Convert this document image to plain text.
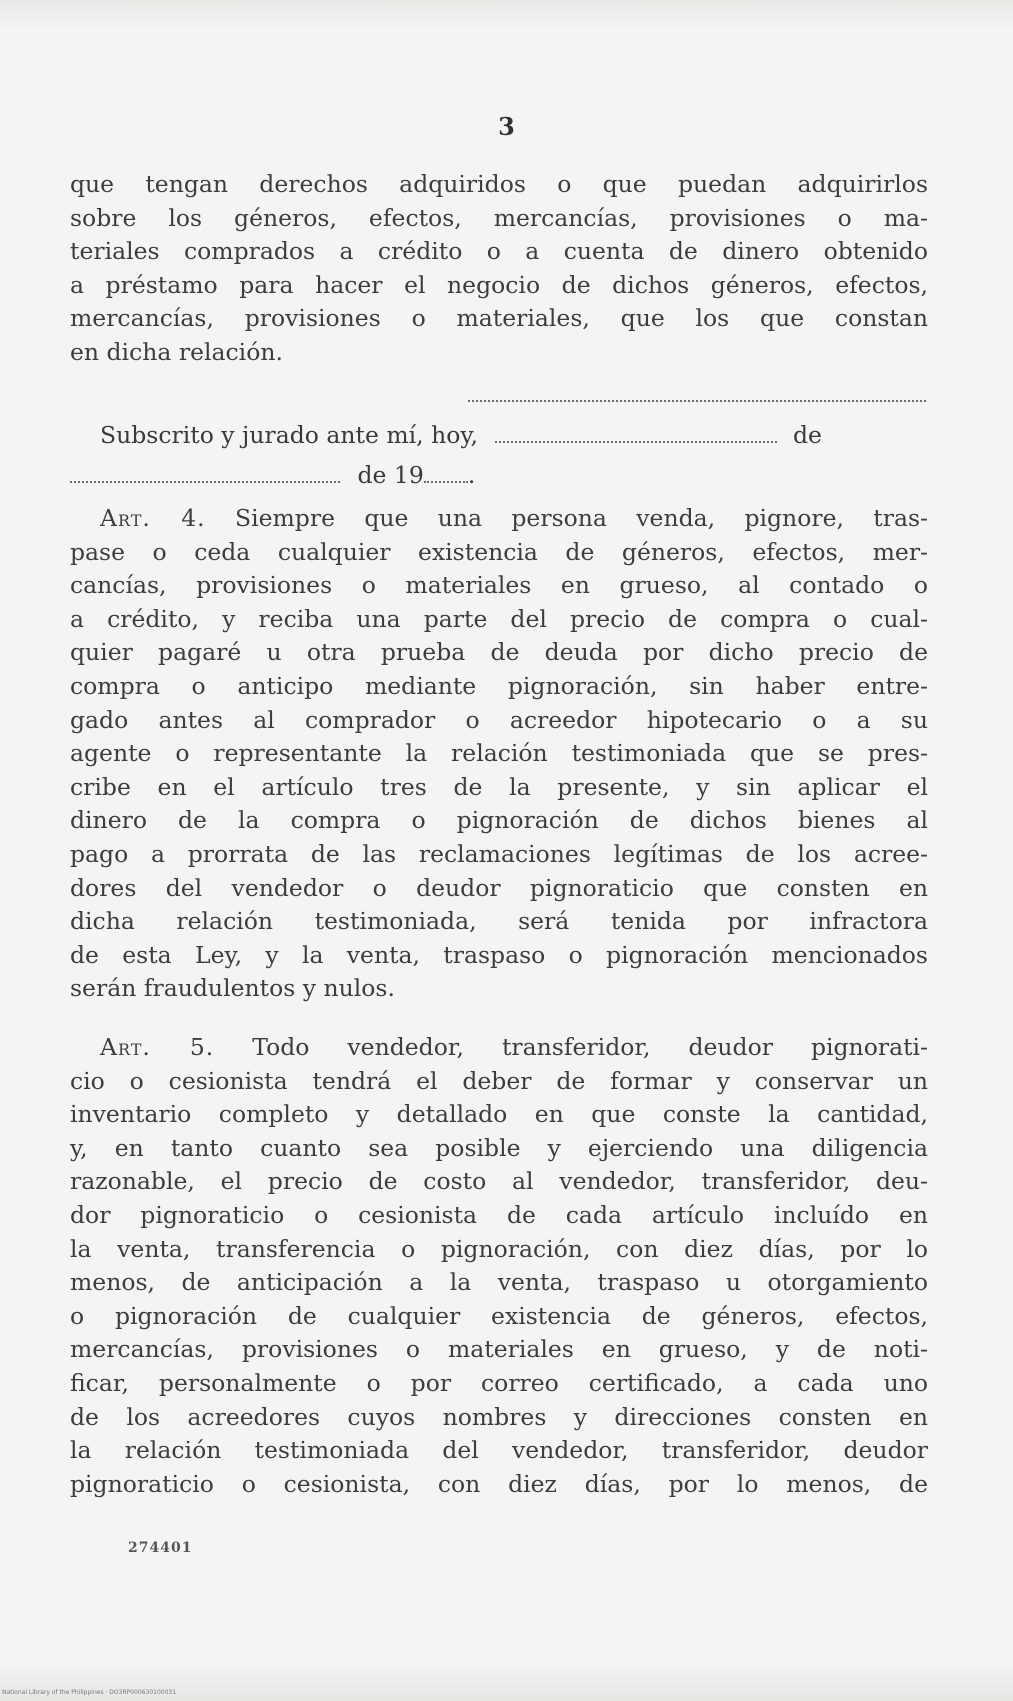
3
que tengan derechos adquiridos o que puedan adquirirlos
sobre los géneros, efectos, mercancías, provisiones o ma-
teriales comprados a crédito o a cuenta de dinero obtenido
a préstamo para hacer el negocio de dichos géneros, efectos,
mercancías, provisiones o materiales, que los que constan
en dicha relación.
Subscrito y jurado ante mí, hoy,	de
de 19 .
Art. 4. Siempre que una persona venda, pignore, tras-
pase o ceda cualquier existencia de géneros, efectos, mer-
cancías, provisiones o materiales en grueso, al contado o
a crédito, y reciba una parte del precio de compra o cual-
quier pagaré u otra prueba de deuda por dicho precio de
compra o anticipo mediante pignoración, sin haber entre-
gado antes al comprador o acreedor hipotecario o a su
agente o representante la relación testimoniada que se pres-
cribe en el artículo tres de la presente, y sin aplicar el
dinero de la compra o pignoración de dichos bienes al
pago a prorrata de las reclamaciones legítimas de los acree-
dores del vendedor o deudor pignoraticio que consten en
dicha relación testimoniada, será tenida por infractora
de esta Ley, y la venta, traspaso o pignoración mencionados
serán fraudulentos y nulos.
Art. 5. Todo vendedor, transferidor, deudor pignorati-
cio o cesionista tendrá el deber de formar y conservar un
inventario completo y detallado en que conste la cantidad,
y, en tanto cuanto sea posible y ejerciendo una diligencia
razonable, el precio de costo al vendedor, transferidor, deu-
dor pignoraticio o cesionista de cada artículo incluído en
la venta, transferencia o pignoración, con diez días, por lo
menos, de anticipación a la venta, traspaso u otorgamiento
o pignoración de cualquier existencia de géneros, efectos,
mercancías, provisiones o materiales en grueso, y de noti-
ficar, personalmente o por correo certificado, a cada uno
de los acreedores cuyos nombres y direcciones consten en
la relación testimoniada del vendedor, transferidor, deudor
pignoraticio o cesionista, con diez días, por lo menos, de
274401
National Library of the Philippines · DO3RP000630100031
